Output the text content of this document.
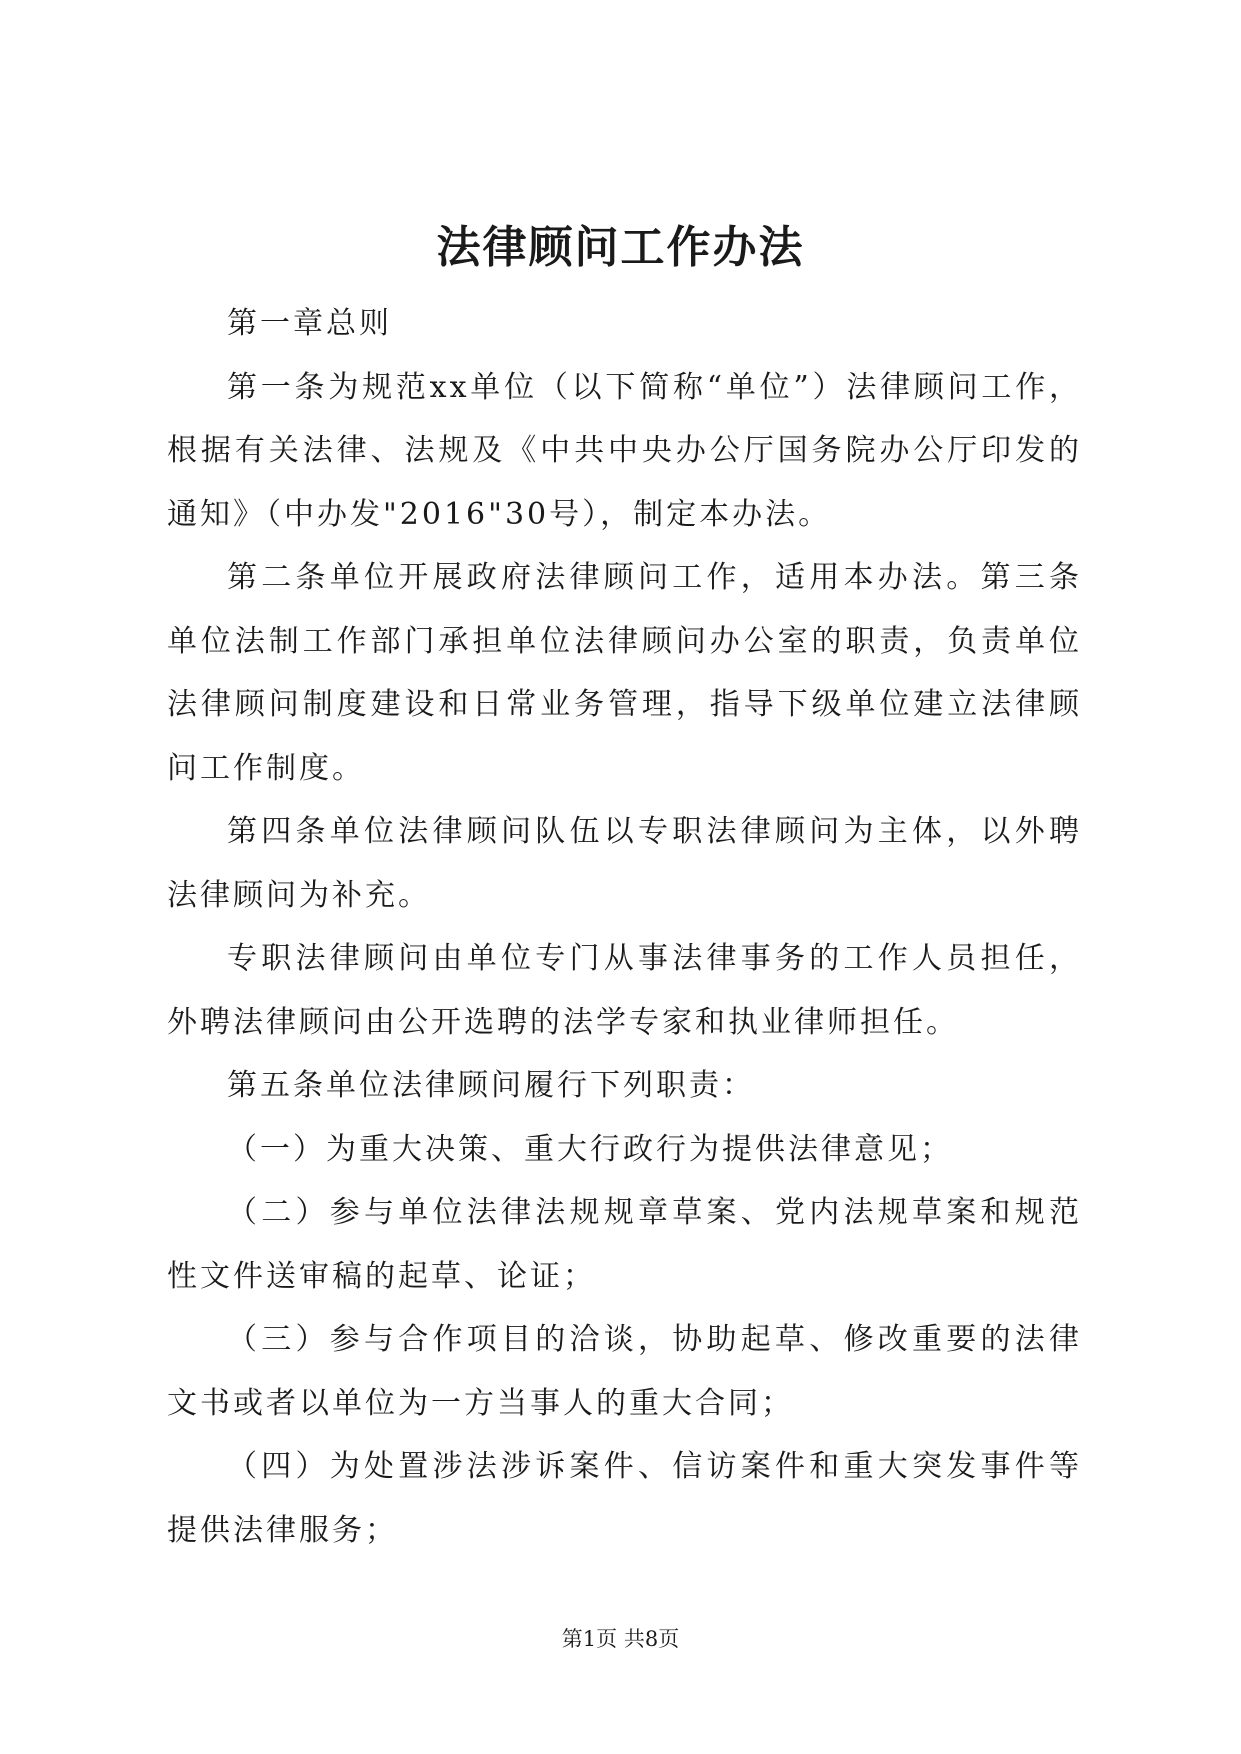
法律顾问工作办法

第一章总则

第一条为规范xx单位（以下简称“单位”）法律顾问工作，根据有关法律、法规及《中共中央办公厅国务院办公厅印发的通知》（中办发"2016"30号），制定本办法。

第二条单位开展政府法律顾问工作，适用本办法。第三条单位法制工作部门承担单位法律顾问办公室的职责，负责单位法律顾问制度建设和日常业务管理，指导下级单位建立法律顾问工作制度。

第四条单位法律顾问队伍以专职法律顾问为主体，以外聘法律顾问为补充。

专职法律顾问由单位专门从事法律事务的工作人员担任，外聘法律顾问由公开选聘的法学专家和执业律师担任。

第五条单位法律顾问履行下列职责：

（一）为重大决策、重大行政行为提供法律意见；

（二）参与单位法律法规规章草案、党内法规草案和规范性文件送审稿的起草、论证；

（三）参与合作项目的洽谈，协助起草、修改重要的法律文书或者以单位为一方当事人的重大合同；

（四）为处置涉法涉诉案件、信访案件和重大突发事件等提供法律服务；

第1页 共8页
